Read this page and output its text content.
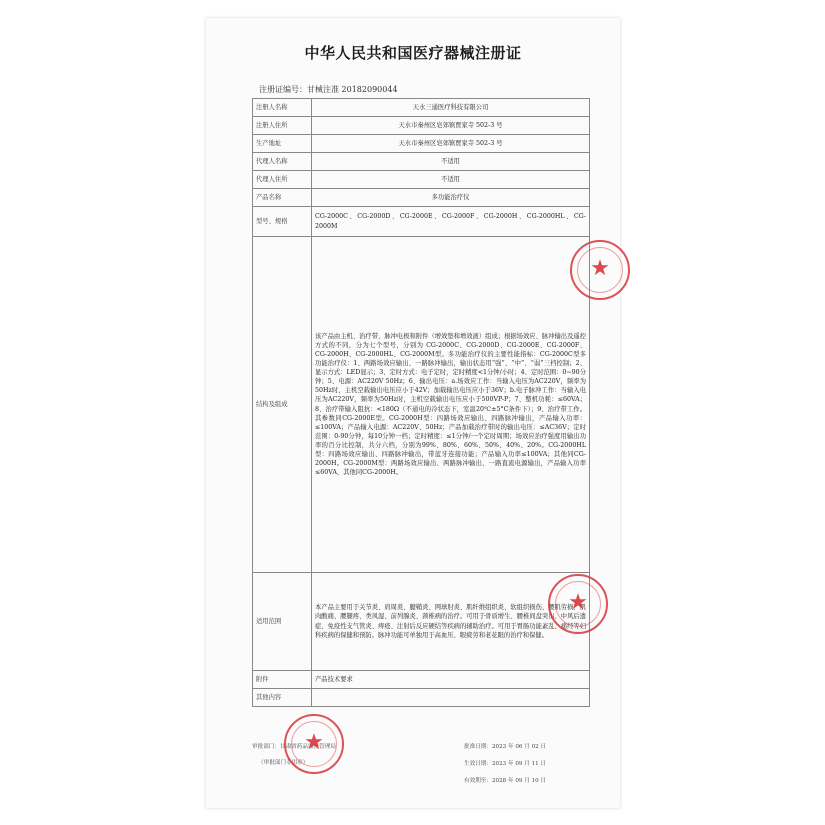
中华人民共和国医疗器械注册证
注册证编号：甘械注准 20182090044
注册人名称	天水三通医疗科技有限公司
注册人住所	天水市秦州区皂郊镇贾家寺 502-3 号
生产地址	天水市秦州区皂郊镇贾家寺 502-3 号
代理人名称	不适用
代理人住所	不适用
产品名称	多功能治疗仪
型号、规格	CG-2000C、CG-2000D、CG-2000E、CG-2000F、CG-2000H、CG-2000HL、CG-2000M
结构及组成	该产品由主机、治疗带、脉冲电极和附件（增效垫和增效液）组成；根据场效应、脉冲输出及遥控方式的不同，分为七个型号，分别为 CG-2000C、CG-2000D、CG-2000E、CG-2000F、CG-2000H、CG-2000HL、CG-2000M型。多功能治疗仪的主要性能指标：CG-2000C型多功能治疗仪：1、两路场效应输出、一路脉冲输出，输出状态用“强”、“中”、“弱”三档控制；2、显示方式：LED显示；3、定时方式：电子定时，定时精度<1分钟/小时；4、定时范围：0~90分钟；5、电源：AC220V 50Hz；6、输出电压：a.场效应工作：当输入电压为AC220V，频率为50Hz时，主机空载输出电压应小于42V；加载输出电压应小于36V；b.电子脉冲工作：当输入电压为AC220V，频率为50Hz时，主机空载输出电压应小于500VP-P；7、整机功耗：≤60VA；8、治疗带输入阻抗：<180Ω（不通电的冷状态下，室温20℃±5°C条件下）；9、治疗带工作。其参数同CG-2000E型。CG-2000H型：四路场效应输出、四路脉冲输出，产品输入功率：≤100VA；产品输入电源：AC220V、50Hz；产品加载治疗带时的输出电压：≤AC36V；定时范围：0-90分钟，每10分钟一档；定时精度：≤1分钟/一个定时周期；场效应治疗强度用输出功率的百分比控制，共分六档，分别为99%、80%、60%、50%、40%、20%。CG-2000HL型：四路场效应输出、四路脉冲输出，带蓝牙连接功能；产品输入功率≤100VA；其他同CG-2000H。CG-2000M型：两路场效应输出、两路脉冲输出、一路直流电源输出，产品输入功率≤60VA，其他同CG-2000H。
适用范围	本产品主要用于关节炎、肩周炎、腱鞘炎、网球肘炎、肌纤维组织炎、软组织损伤、腰肌劳损、肌肉酸痛、腰腿疼、类风湿、前列腺炎、颈椎病的治疗。可用于骨质增生、腰椎间盘突出、中风后遗症、免疫性支气管炎、痔疮、注射后反应硬结等疾病的辅助治疗。可用于胃肠功能紊乱、痛经等妇科疾病的保健和预防。脉冲功能可单独用于高血压、眼疲劳和老花眼的治疗和保健。
附件	产品技术要求
其他内容	
审批部门：甘肃省药品监督管理局
（审批部门专用章）
批准日期：2023 年 06 月 02 日
生效日期：2023 年 09 月 11 日
有效期至：2028 年 09 月 10 日
★
★
★
